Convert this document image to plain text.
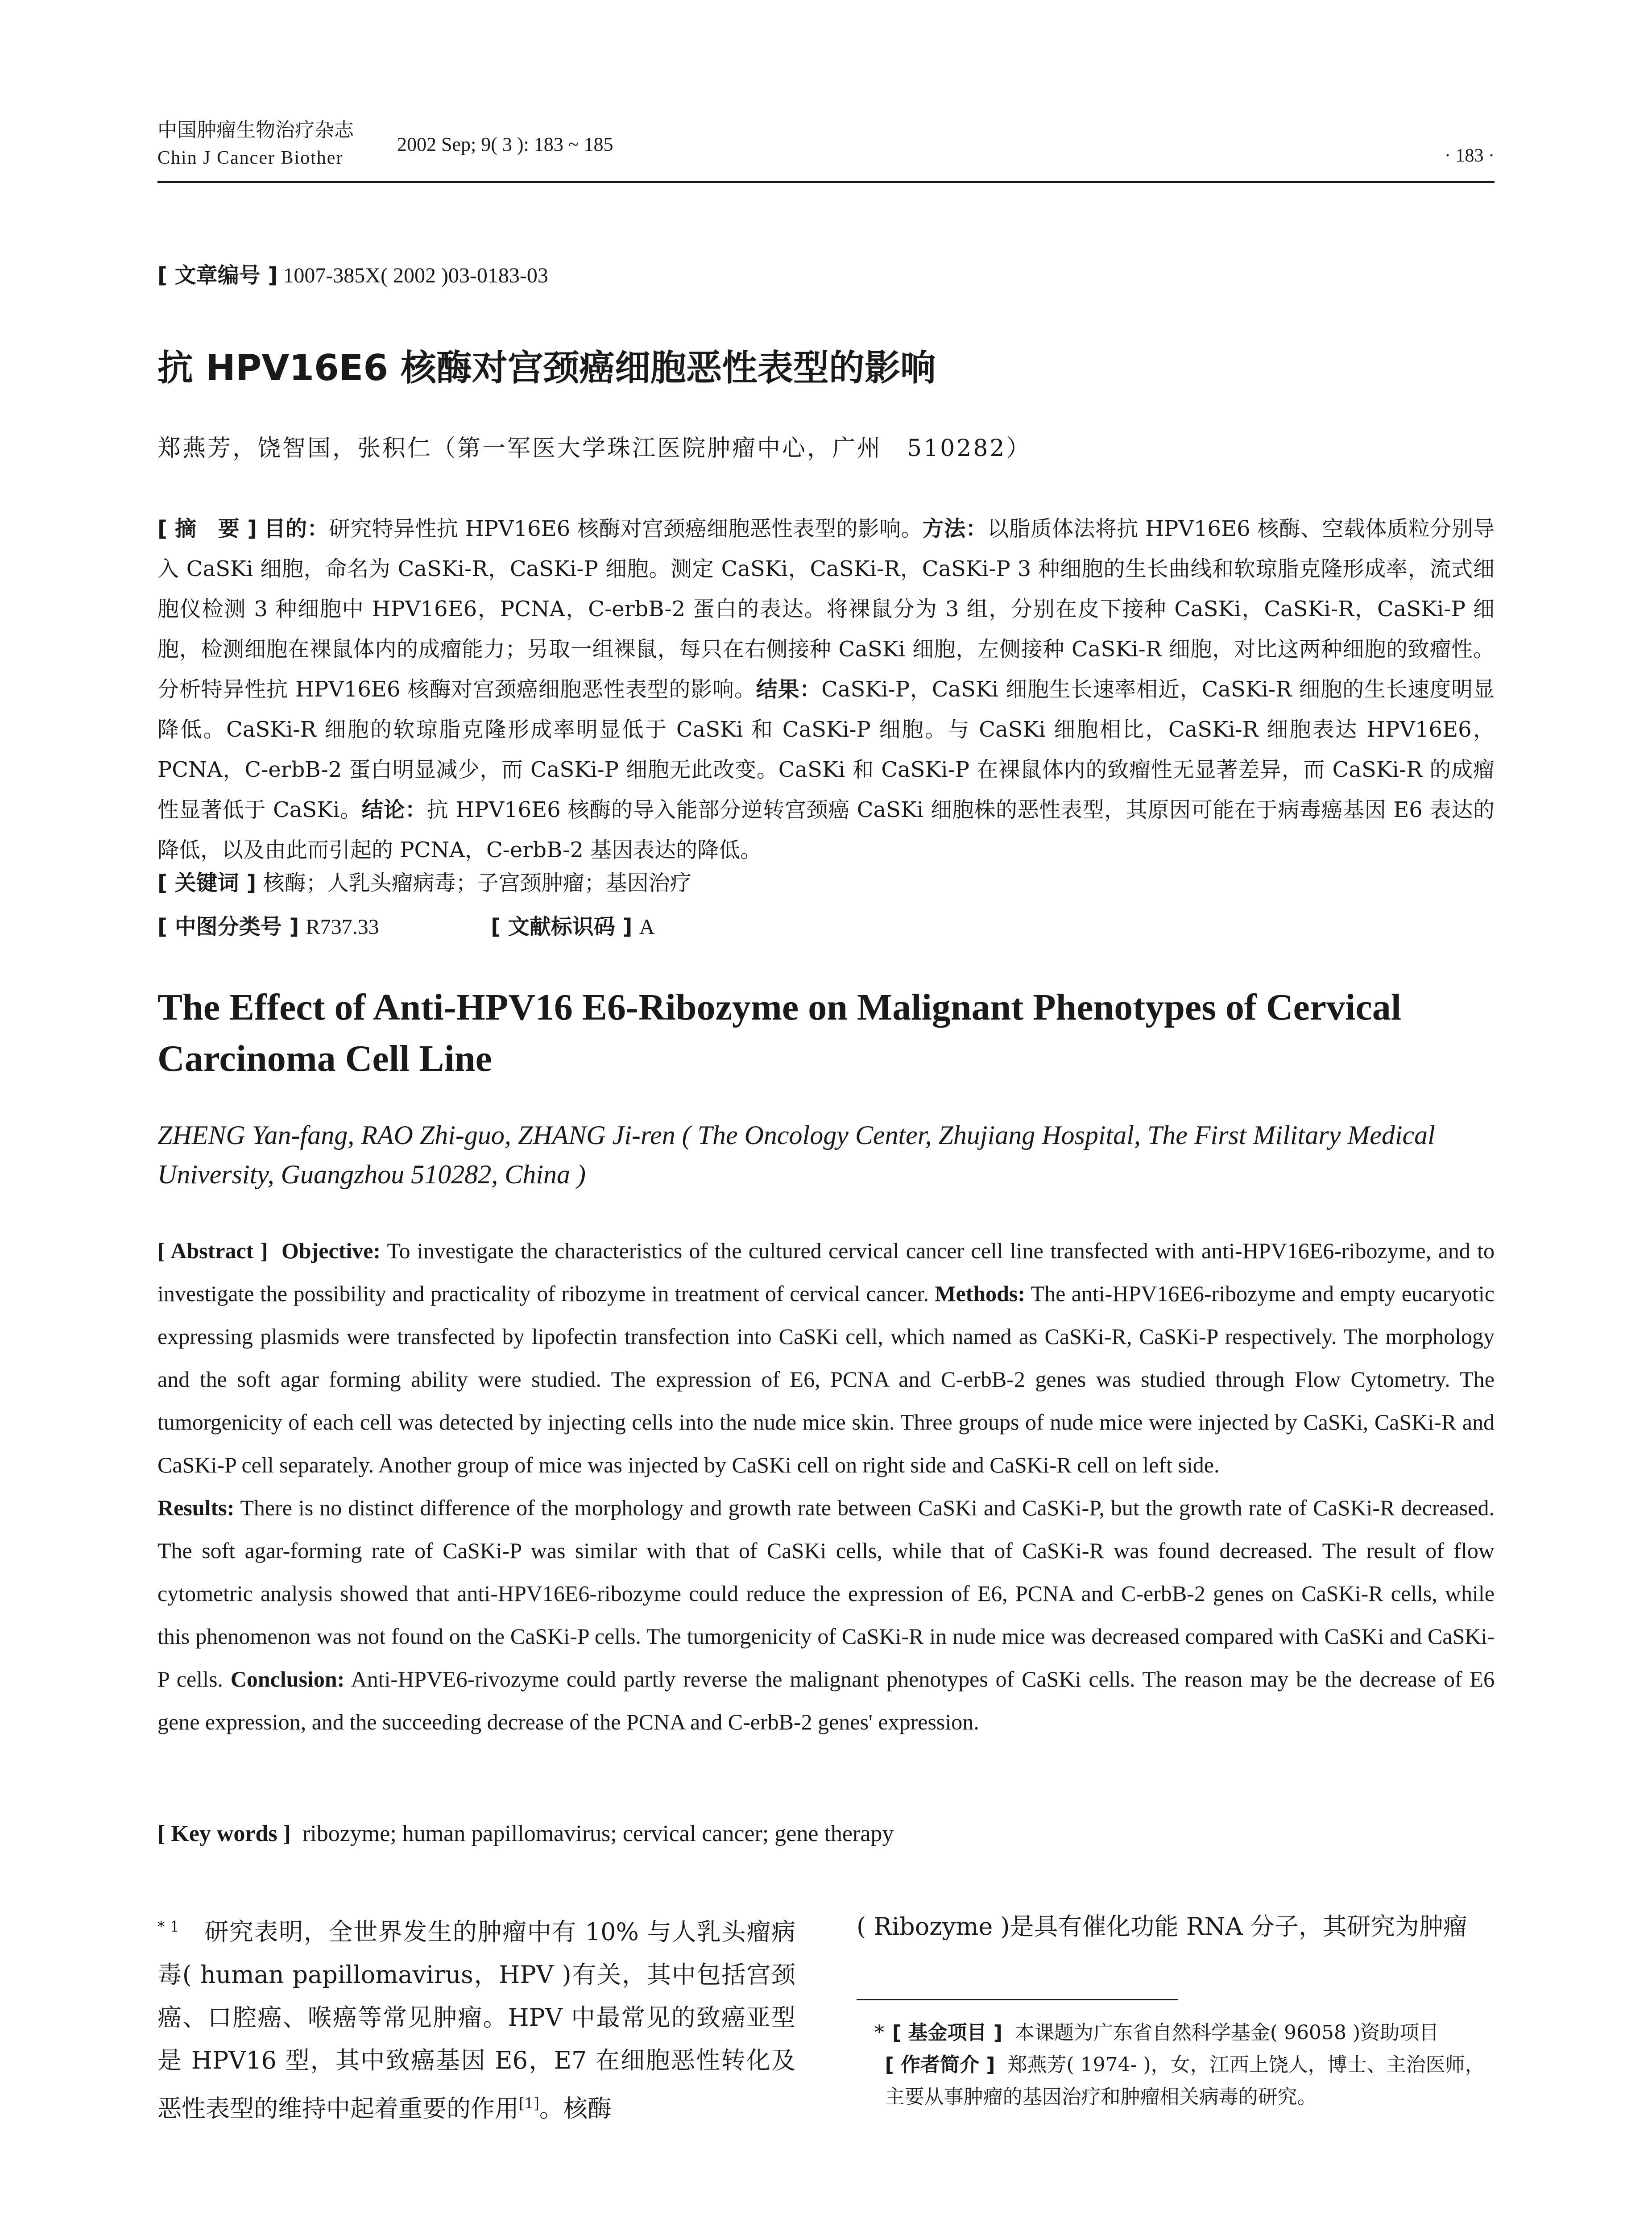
中国肿瘤生物治疗杂志
Chin J Cancer Biother
2002 Sep; 9( 3 ): 183 ~ 185
· 183 ·
[ 文章编号 ] 1007-385X( 2002 )03-0183-03
抗 HPV16E6 核酶对宫颈癌细胞恶性表型的影响
郑燕芳，饶智国，张积仁（第一军医大学珠江医院肿瘤中心，广州　510282）
[ 摘　要 ] 目的：研究特异性抗 HPV16E6 核酶对宫颈癌细胞恶性表型的影响。方法：以脂质体法将抗 HPV16E6 核酶、空载体质粒分别导入 CaSKi 细胞，命名为 CaSKi-R，CaSKi-P 细胞。测定 CaSKi，CaSKi-R，CaSKi-P 3 种细胞的生长曲线和软琼脂克隆形成率，流式细胞仪检测 3 种细胞中 HPV16E6，PCNA，C-erbB-2 蛋白的表达。将裸鼠分为 3 组，分别在皮下接种 CaSKi，CaSKi-R，CaSKi-P 细胞，检测细胞在裸鼠体内的成瘤能力；另取一组裸鼠，每只在右侧接种 CaSKi 细胞，左侧接种 CaSKi-R 细胞，对比这两种细胞的致瘤性。分析特异性抗 HPV16E6 核酶对宫颈癌细胞恶性表型的影响。结果：CaSKi-P，CaSKi 细胞生长速率相近，CaSKi-R 细胞的生长速度明显降低。CaSKi-R 细胞的软琼脂克隆形成率明显低于 CaSKi 和 CaSKi-P 细胞。与 CaSKi 细胞相比，CaSKi-R 细胞表达 HPV16E6，PCNA，C-erbB-2 蛋白明显减少，而 CaSKi-P 细胞无此改变。CaSKi 和 CaSKi-P 在裸鼠体内的致瘤性无显著差异，而 CaSKi-R 的成瘤性显著低于 CaSKi。结论：抗 HPV16E6 核酶的导入能部分逆转宫颈癌 CaSKi 细胞株的恶性表型，其原因可能在于病毒癌基因 E6 表达的降低，以及由此而引起的 PCNA，C-erbB-2 基因表达的降低。
[ 关键词 ] 核酶；人乳头瘤病毒；子宫颈肿瘤；基因治疗
[ 中图分类号 ] R737.33	[ 文献标识码 ] A
The Effect of Anti-HPV16 E6-Ribozyme on Malignant Phenotypes of Cervical Carcinoma Cell Line
ZHENG Yan-fang, RAO Zhi-guo, ZHANG Ji-ren ( The Oncology Center, Zhujiang Hospital, The First Military Medical University, Guangzhou 510282, China )
[ Abstract ] Objective: To investigate the characteristics of the cultured cervical cancer cell line transfected with anti-HPV16E6-ribozyme, and to investigate the possibility and practicality of ribozyme in treatment of cervical cancer. Methods: The anti-HPV16E6-ribozyme and empty eucaryotic expressing plasmids were transfected by lipofectin transfection into CaSKi cell, which named as CaSKi-R, CaSKi-P respectively. The morphology and the soft agar forming ability were studied. The expression of E6, PCNA and C-erbB-2 genes was studied through Flow Cytometry. The tumorgenicity of each cell was detected by injecting cells into the nude mice skin. Three groups of nude mice were injected by CaSKi, CaSKi-R and CaSKi-P cell separately. Another group of mice was injected by CaSKi cell on right side and CaSKi-R cell on left side.
Results: There is no distinct difference of the morphology and growth rate between CaSKi and CaSKi-P, but the growth rate of CaSKi-R decreased. The soft agar-forming rate of CaSKi-P was similar with that of CaSKi cells, while that of CaSKi-R was found decreased. The result of flow cytometric analysis showed that anti-HPV16E6-ribozyme could reduce the expression of E6, PCNA and C-erbB-2 genes on CaSKi-R cells, while this phenomenon was not found on the CaSKi-P cells. The tumorgenicity of CaSKi-R in nude mice was decreased compared with CaSKi and CaSKi-P cells. Conclusion: Anti-HPVE6-rivozyme could partly reverse the malignant phenotypes of CaSKi cells. The reason may be the decrease of E6 gene expression, and the succeeding decrease of the PCNA and C-erbB-2 genes' expression.
[ Key words ] ribozyme; human papillomavirus; cervical cancer; gene therapy
$^{* 1}$ 研究表明，全世界发生的肿瘤中有 10% 与人乳头瘤病毒( human papillomavirus，HPV )有关，其中包括宫颈癌、口腔癌、喉癌等常见肿瘤。HPV 中最常见的致癌亚型是 HPV16 型，其中致癌基因 E6，E7 在细胞恶性转化及恶性表型的维持中起着重要的作用[1]。核酶
( Ribozyme )是具有催化功能 RNA 分子，其研究为肿瘤
* [ 基金项目 ] 本课题为广东省自然科学基金( 96058 )资助项目
[ 作者简介 ] 郑燕芳( 1974- )，女，江西上饶人，博士、主治医师，主要从事肿瘤的基因治疗和肿瘤相关病毒的研究。
